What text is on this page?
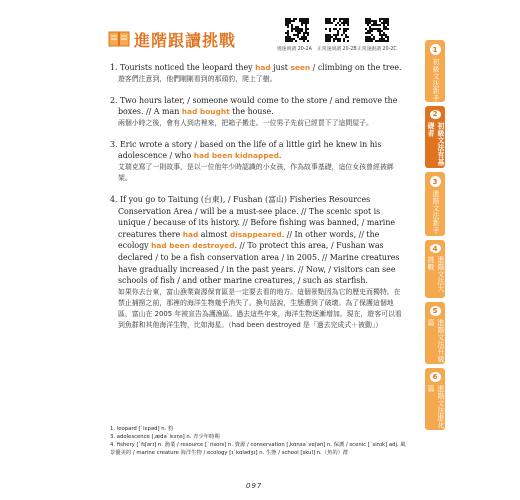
進階跟讀挑戰	慢速朗讀 20-2A 正常速朗讀 20-2B 正常速跟讀 20-2C
1. Tourists noticed the leopard they had just seen / climbing on the tree.
遊客們注意到，他們剛剛看到的那頭豹，爬上了樹。
2. Two hours later, / someone would come to the store / and remove the boxes. // A man had bought the house.
兩個小時之後，會有人到店裡來，把箱子搬走。一位男子先前已經買下了這間屋子。
3. Eric wrote a story / based on the life of a little girl he knew in his adolescence / who had been kidnapped.
艾瑞克寫了一則故事，是以一位他年少時認識的小女孩，作為故事基礎，這位女孩曾經被綁架。
4. If you go to Taitung (台東), / Fushan (富山) Fisheries Resources Conservation Area / will be a must-see place. // The scenic spot is unique / because of its history. // Before fishing was banned, / marine creatures there had almost disappeared. // In other words, // the ecology had been destroyed. // To protect this area, / Fushan was declared / to be a fish conservation area / in 2005. // Marine creatures have gradually increased / in the past years. // Now, / visitors can see schools of fish / and other marine creatures, / such as starfish.
如果你去台東，富山漁業資源保育區是一定要去看的地方。這個景點因為它的歷史而獨特。在禁止捕撈之前，那裡的海洋生物幾乎消失了。換句話說，生態遭到了破壞。為了保護這個地區，富山在 2005 年被宣告為護漁區。過去這些年來，海洋生物逐漸增加。現在，遊客可以看到魚群和其他海洋生物，比如海星。（had been destroyed 是「過去完成式＋被動」）
1. leopard [ˋlɛpəd] n. 豹
3. adolescence [ˌædəˋlɛsṇs] n. 青少年時期
4. fishery [ˋfɪʃərɪ] n. 漁業 / resource [ˋrisors] n. 資源 / conservation [ˌkɑnsəˋveʃən] n. 保護 / scenic [ˋsinɪk] adj. 風景優美的 / marine creature 海洋生物 / ecology [ɪˋkɑlədʒɪ] n. 生態 / school [skul] n.（魚的）群
097
1
初級文法新手
2
初級文法有基礎者
3
進階文法新手
4
進階文法大挑戰
5
進階文法升級篇
6
進階文法進化篇
